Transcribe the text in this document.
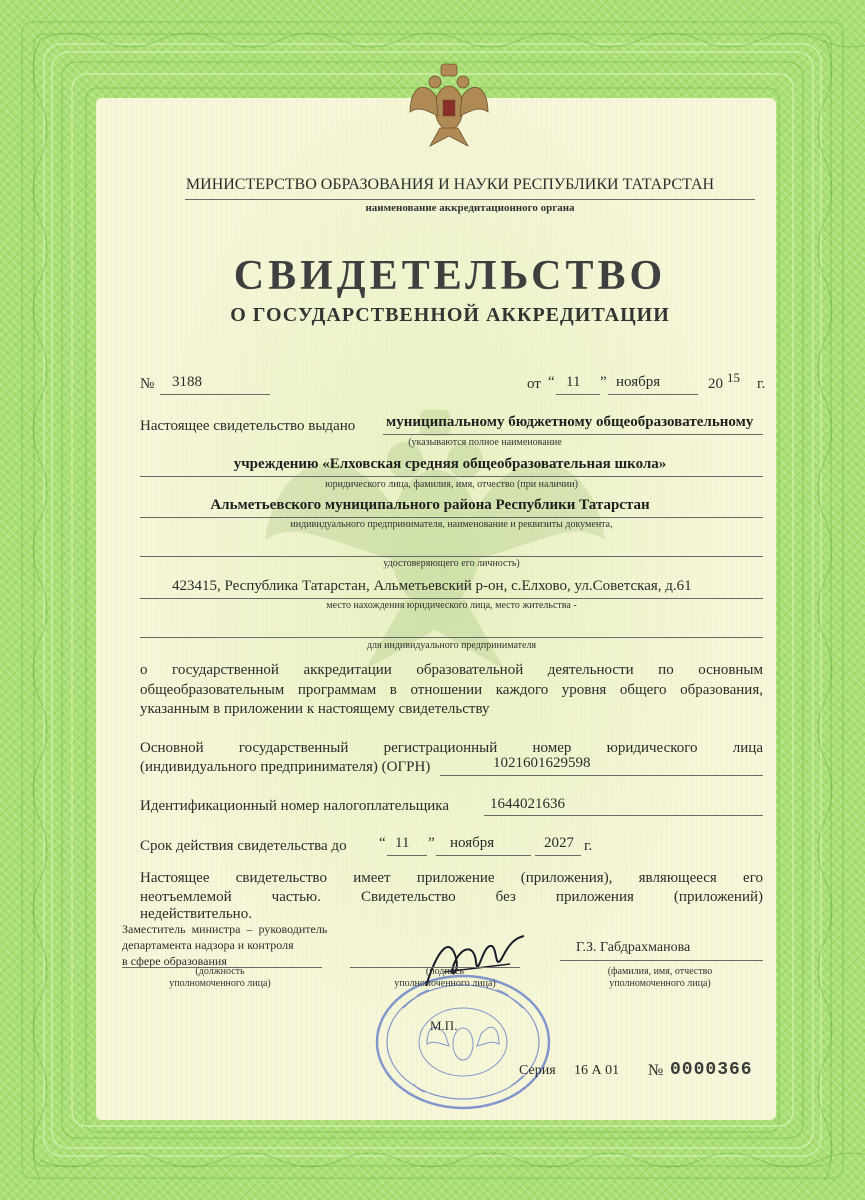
МИНИСТЕРСТВО ОБРАЗОВАНИЯ И НАУКИ РЕСПУБЛИКИ ТАТАРСТАН
наименование аккредитационного органа
СВИДЕТЕЛЬСТВО
О ГОСУДАРСТВЕННОЙ АККРЕДИТАЦИИ
№ 3188	от “ 11 ” ноября	20 15 г.
Настоящее свидетельство выдано муниципальному бюджетному общеобразовательному
(указываются полное наименование
учреждению «Елховская средняя общеобразовательная школа»
юридического лица, фамилия, имя, отчество (при наличии)
Альметьевского муниципального района Республики Татарстан
индивидуального предпринимателя, наименование и реквизиты документа,
удостоверяющего его личность)
423415, Республика Татарстан, Альметьевский р-он, с.Елхово, ул.Советская, д.61
место нахождения юридического лица, место жительства -
для индивидуального предпринимателя
о государственной аккредитации образовательной деятельности по основным
общеобразовательным программам в отношении каждого уровня общего образования,
указанным в приложении к настоящему свидетельству
Основной государственный регистрационный номер юридического лица
(индивидуального предпринимателя) (ОГРН)	1021601629598
Идентификационный номер налогоплательщика	1644021636
Срок действия свидетельства до “ 11 ” ноября	2027 г.
Настоящее свидетельство имеет приложение (приложения), являющееся его
неотъемлемой частью. Свидетельство без приложения (приложений)
недействительно.
Заместитель  министра  –  руководитель
департамента надзора и контроля
в сфере образования
(должность
уполномоченного лица)
(подпись
уполномоченного лица)
Г.З. Габдрахманова
(фамилия, имя, отчество
уполномоченного лица)
М.П.
Серия 16 А 01 № 0000366
